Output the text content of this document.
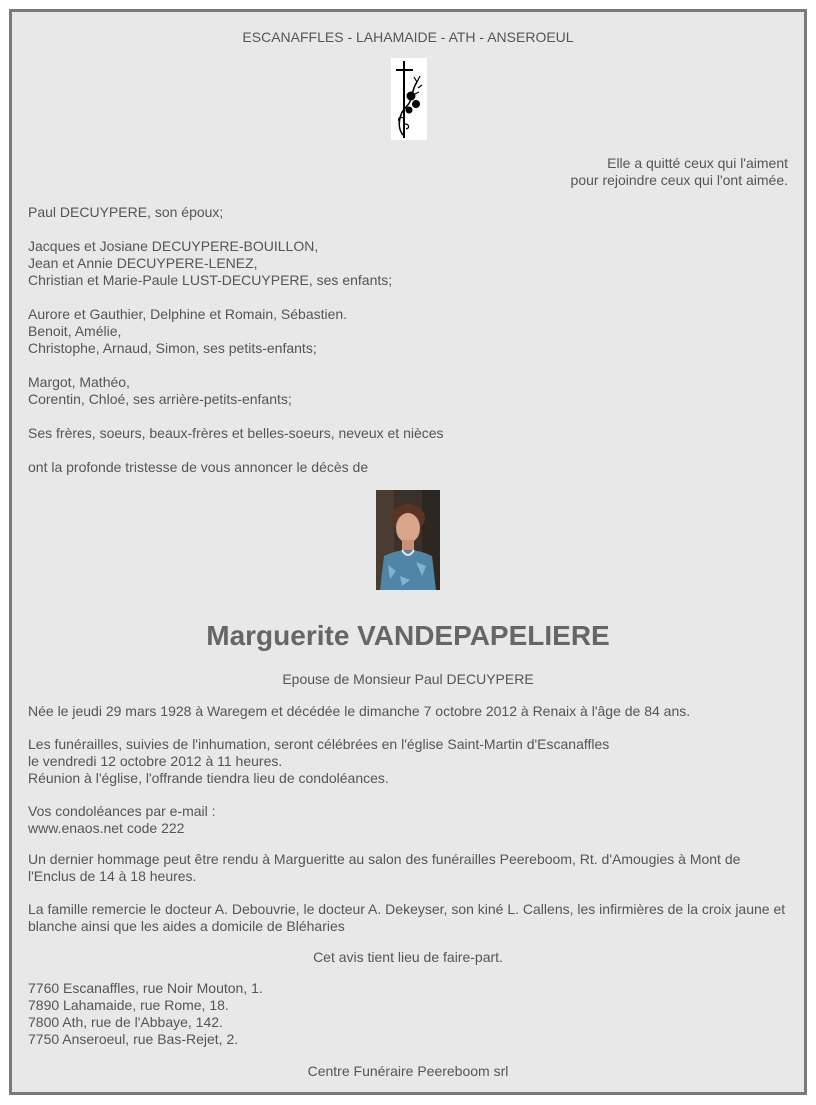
ESCANAFFLES - LAHAMAIDE - ATH - ANSEROEUL
Elle a quitté ceux qui l'aiment
pour rejoindre ceux qui l'ont aimée.
Paul DECUYPERE, son époux;
Jacques et Josiane DECUYPERE-BOUILLON,
Jean et Annie DECUYPERE-LENEZ,
Christian et Marie-Paule LUST-DECUYPERE, ses enfants;
Aurore et Gauthier, Delphine et Romain, Sébastien.
Benoit, Amélie,
Christophe, Arnaud, Simon, ses petits-enfants;
Margot, Mathéo,
Corentin, Chloé, ses arrière-petits-enfants;
Ses frères, soeurs, beaux-frères et belles-soeurs, neveux et nièces
ont la profonde tristesse de vous annoncer le décès de
Marguerite VANDEPAPELIERE
Epouse de Monsieur Paul DECUYPERE
Née le jeudi 29 mars 1928 à Waregem et décédée le dimanche 7 octobre 2012 à Renaix à l'âge de 84 ans.
Les funérailles, suivies de l'inhumation, seront célébrées en l'église Saint-Martin d'Escanaffles
le vendredi 12 octobre 2012 à 11 heures.
Réunion à l'église, l'offrande tiendra lieu de condoléances.
Vos condoléances par e-mail :
www.enaos.net code 222
Un dernier hommage peut être rendu à Margueritte au salon des funérailles Peereboom, Rt. d'Amougies à Mont de l'Enclus de 14 à 18 heures.
La famille remercie le docteur A. Debouvrie, le docteur A. Dekeyser, son kiné L. Callens, les infirmières de la croix jaune et blanche ainsi que les aides a domicile de Bléharies
Cet avis tient lieu de faire-part.
7760 Escanaffles, rue Noir Mouton, 1.
7890 Lahamaide, rue Rome, 18.
7800 Ath, rue de l'Abbaye, 142.
7750 Anseroeul, rue Bas-Rejet, 2.
Centre Funéraire Peereboom srl
